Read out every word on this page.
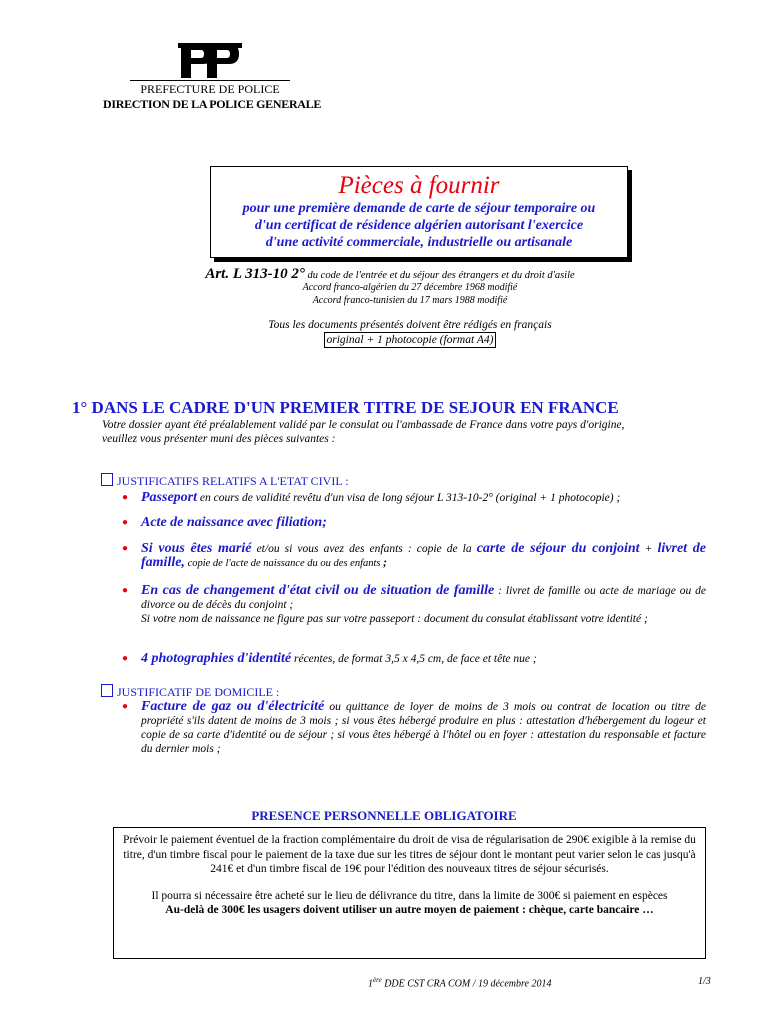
PREFECTURE DE POLICE
DIRECTION DE LA POLICE GENERALE
Pièces à fournir
pour une première demande de carte de séjour temporaire ou
d'un certificat de résidence algérien autorisant l'exercice
d'une activité commerciale, industrielle ou artisanale
Art. L 313-10 2° du code de l'entrée et du séjour des étrangers et du droit d'asile
Accord franco-algérien du 27 décembre 1968 modifié
Accord franco-tunisien du 17 mars 1988 modifié
Tous les documents présentés doivent être rédigés en français
original + 1 photocopie (format A4)
1° DANS LE CADRE D'UN PREMIER TITRE DE SEJOUR EN FRANCE
Votre dossier ayant été préalablement validé par le consulat ou l'ambassade de France dans votre pays d'origine,
veuillez vous présenter muni des pièces suivantes :
JUSTIFICATIFS RELATIFS A L'ETAT CIVIL :
● Passeport en cours de validité revêtu d'un visa de long séjour L 313-10-2° (original + 1 photocopie) ;
● Acte de naissance avec filiation;
● Si vous êtes marié et/ou si vous avez des enfants : copie de la carte de séjour du conjoint + livret de famille, copie de l'acte de naissance du ou des enfants ;
● En cas de changement d'état civil ou de situation de famille : livret de famille ou acte de mariage ou de divorce ou de décès du conjoint ;
Si votre nom de naissance ne figure pas sur votre passeport : document du consulat établissant votre identité ;
● 4 photographies d'identité récentes, de format 3,5 x 4,5 cm, de face et tête nue ;
JUSTIFICATIF DE DOMICILE :
● Facture de gaz ou d'électricité ou quittance de loyer de moins de 3 mois ou contrat de location ou titre de propriété s'ils datent de moins de 3 mois ; si vous êtes hébergé produire en plus : attestation d'hébergement du logeur et copie de sa carte d'identité ou de séjour ; si vous êtes hébergé à l'hôtel ou en foyer : attestation du responsable et facture du dernier mois ;
PRESENCE PERSONNELLE OBLIGATOIRE

Prévoir le paiement éventuel de la fraction complémentaire du droit de visa de régularisation de 290€ exigible à la remise du titre, d'un timbre fiscal pour le paiement de la taxe due sur les titres de séjour dont le montant peut varier selon le cas jusqu'à 241€ et d'un timbre fiscal de 19€ pour l'édition des nouveaux titres de séjour sécurisés.

Il pourra si nécessaire être acheté sur le lieu de délivrance du titre, dans la limite de 300€ si paiement en espèces

Au-delà de 300€ les usagers doivent utiliser un autre moyen de paiement : chèque, carte bancaire …

1ère DDE CST CRA COM / 19 décembre 2014	1/3
